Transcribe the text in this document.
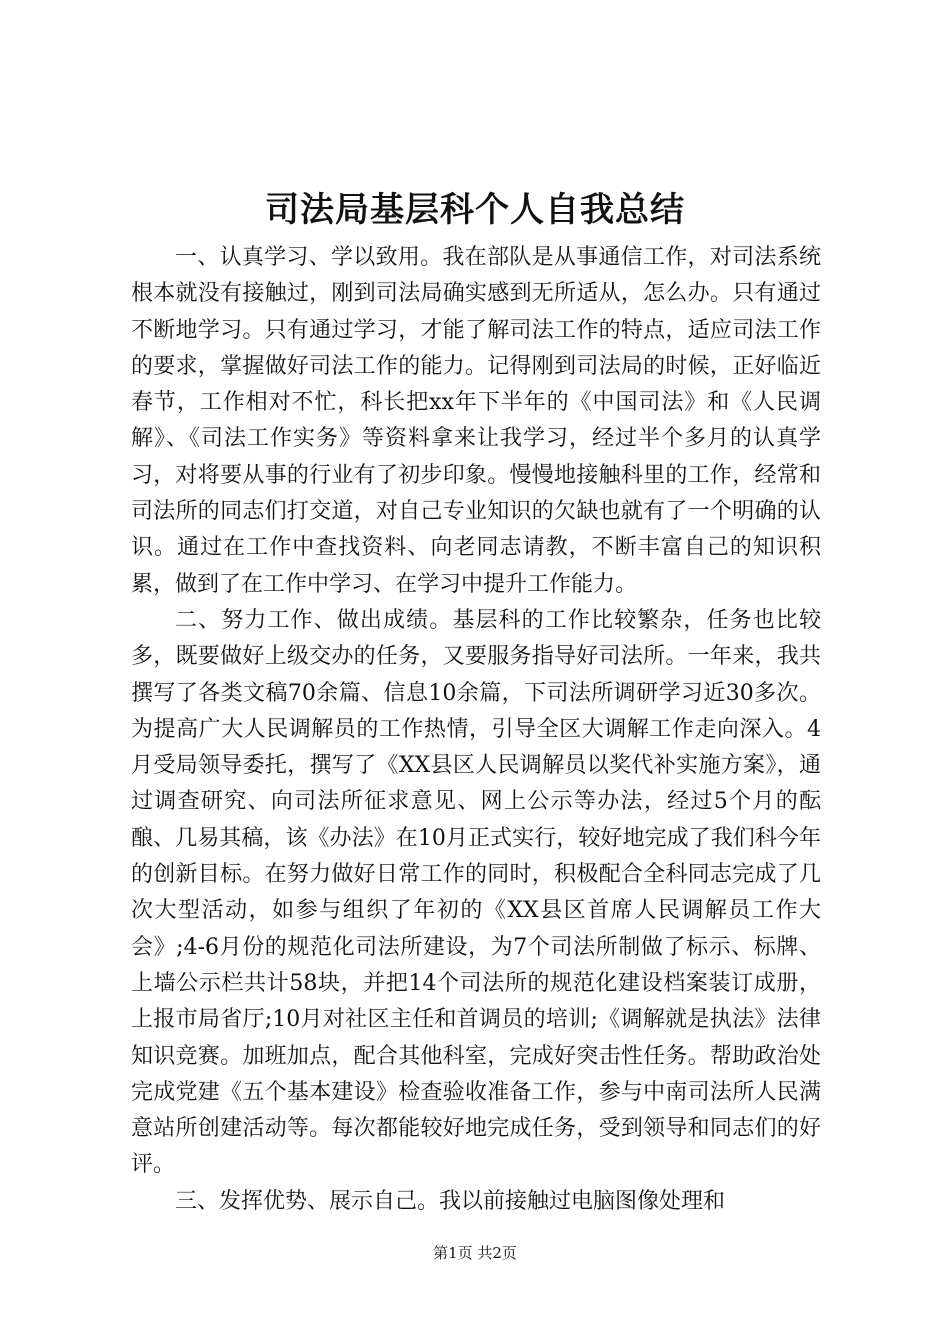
司法局基层科个人自我总结

一、认真学习、学以致用。我在部队是从事通信工作，对司法系统根本就没有接触过，刚到司法局确实感到无所适从，怎么办。只有通过不断地学习。只有通过学习，才能了解司法工作的特点，适应司法工作的要求，掌握做好司法工作的能力。记得刚到司法局的时候，正好临近春节，工作相对不忙，科长把xx年下半年的《中国司法》和《人民调解》、《司法工作实务》等资料拿来让我学习，经过半个多月的认真学习，对将要从事的行业有了初步印象。慢慢地接触科里的工作，经常和司法所的同志们打交道，对自己专业知识的欠缺也就有了一个明确的认识。通过在工作中查找资料、向老同志请教，不断丰富自己的知识积累，做到了在工作中学习、在学习中提升工作能力。

二、努力工作、做出成绩。基层科的工作比较繁杂，任务也比较多，既要做好上级交办的任务，又要服务指导好司法所。一年来，我共撰写了各类文稿70余篇、信息10余篇，下司法所调研学习近30多次。为提高广大人民调解员的工作热情，引导全区大调解工作走向深入。4月受局领导委托，撰写了《XX县区人民调解员以奖代补实施方案》，通过调查研究、向司法所征求意见、网上公示等办法，经过5个月的酝酿、几易其稿，该《办法》在10月正式实行，较好地完成了我们科今年的创新目标。在努力做好日常工作的同时，积极配合全科同志完成了几次大型活动，如参与组织了年初的《XX县区首席人民调解员工作大会》;4-6月份的规范化司法所建设，为7个司法所制做了标示、标牌、上墙公示栏共计58块，并把14个司法所的规范化建设档案装订成册，上报市局省厅;10月对社区主任和首调员的培训;《调解就是执法》法律知识竞赛。加班加点，配合其他科室，完成好突击性任务。帮助政治处完成党建《五个基本建设》检查验收准备工作，参与中南司法所人民满意站所创建活动等。每次都能较好地完成任务，受到领导和同志们的好评。

三、发挥优势、展示自己。我以前接触过电脑图像处理和

第1页 共2页
